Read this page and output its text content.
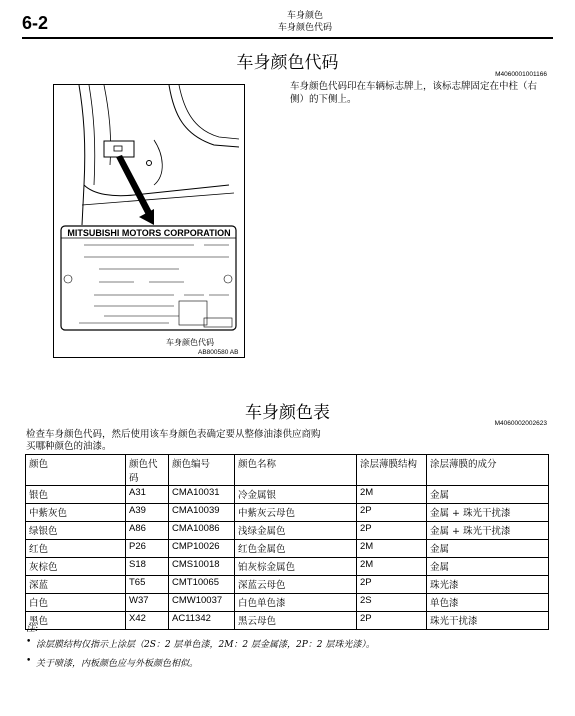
6-2	车身颜色
车身颜色代码
车身颜色代码
M4060001001166
车身颜色代码印在车辆标志牌上，该标志牌固定在中柱（右侧）的下侧上。
MITSUBISHI MOTORS CORPORATION
车身颜色代码
AB800580 AB
车身颜色表
M4060002002623
检查车身颜色代码，然后使用该车身颜色表确定要从整修油漆供应商购买哪种颜色的油漆。
颜色	颜色代码	颜色编号	颜色名称	涂层薄膜结构	涂层薄膜的成分
银色	A31	CMA10031	冷金属银	2M	金属
中紫灰色	A39	CMA10039	中紫灰云母色	2P	金属 + 珠光干扰漆
绿银色	A86	CMA10086	浅绿金属色	2P	金属 + 珠光干扰漆
红色	P26	CMP10026	红色金属色	2M	金属
灰棕色	S18	CMS10018	铂灰棕金属色	2M	金属
深蓝	T65	CMT10065	深蓝云母色	2P	珠光漆
白色	W37	CMW10037	白色单色漆	2S	单色漆
黑色	X42	AC11342	黑云母色	2P	珠光干扰漆
注:
• 涂层膜结构仅指示上涂层（2S：2 层单色漆，2M：2 层金属漆，2P：2 层珠光漆）。
• 关于喷漆，内板颜色应与外板颜色相似。
